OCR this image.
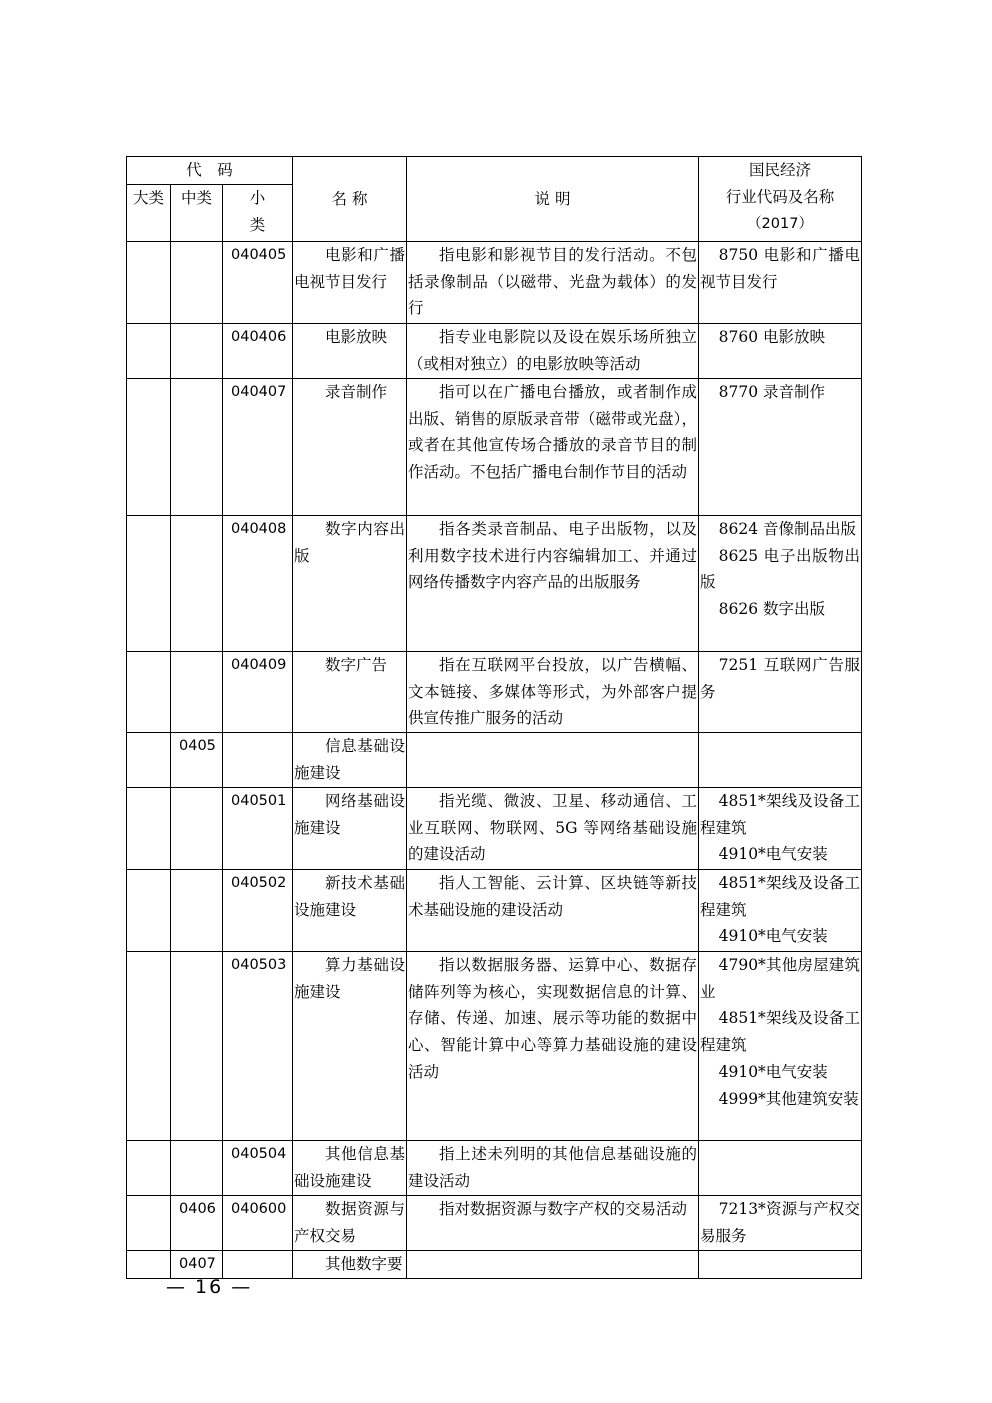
代　码			名 称	说 明	国民经济
行业代码及名称
（2017）

大类	中类	小类			
		040405	电影和广播电视节目发行	指电影和影视节目的发行活动。不包括录像制品（以磁带、光盘为载体）的发行	8750 电影和广播电视节目发行

		040406	电影放映	指专业电影院以及设在娱乐场所独立（或相对独立）的电影放映等活动	8760 电影放映

		040407	录音制作	指可以在广播电台播放，或者制作成出版、销售的原版录音带（磁带或光盘），或者在其他宣传场合播放的录音节目的制作活动。不包括广播电台制作节目的活动	8770 录音制作

		040408	数字内容出版	指各类录音制品、电子出版物，以及利用数字技术进行内容编辑加工、并通过网络传播数字内容产品的出版服务	8624 音像制品出版
8625 电子出版物出版
8626 数字出版

		040409	数字广告	指在互联网平台投放，以广告横幅、文本链接、多媒体等形式，为外部客户提供宣传推广服务的活动	7251 互联网广告服务

	0405		信息基础设施建设		
		040501	网络基础设施建设	指光缆、微波、卫星、移动通信、工业互联网、物联网、5G 等网络基础设施的建设活动	4851*架线及设备工程建筑
4910*电气安装

		040502	新技术基础设施建设	指人工智能、云计算、区块链等新技术基础设施的建设活动	4851*架线及设备工程建筑
4910*电气安装

		040503	算力基础设施建设	指以数据服务器、运算中心、数据存储阵列等为核心，实现数据信息的计算、存储、传递、加速、展示等功能的数据中心、智能计算中心等算力基础设施的建设活动	4790*其他房屋建筑业
4851*架线及设备工程建筑
4910*电气安装
4999*其他建筑安装

		040504	其他信息基础设施建设	指上述未列明的其他信息基础设施的建设活动	
	0406	040600	数据资源与产权交易	指对数据资源与数字产权的交易活动	7213*资源与产权交易服务

	0407		其他数字要		
— 16 —
